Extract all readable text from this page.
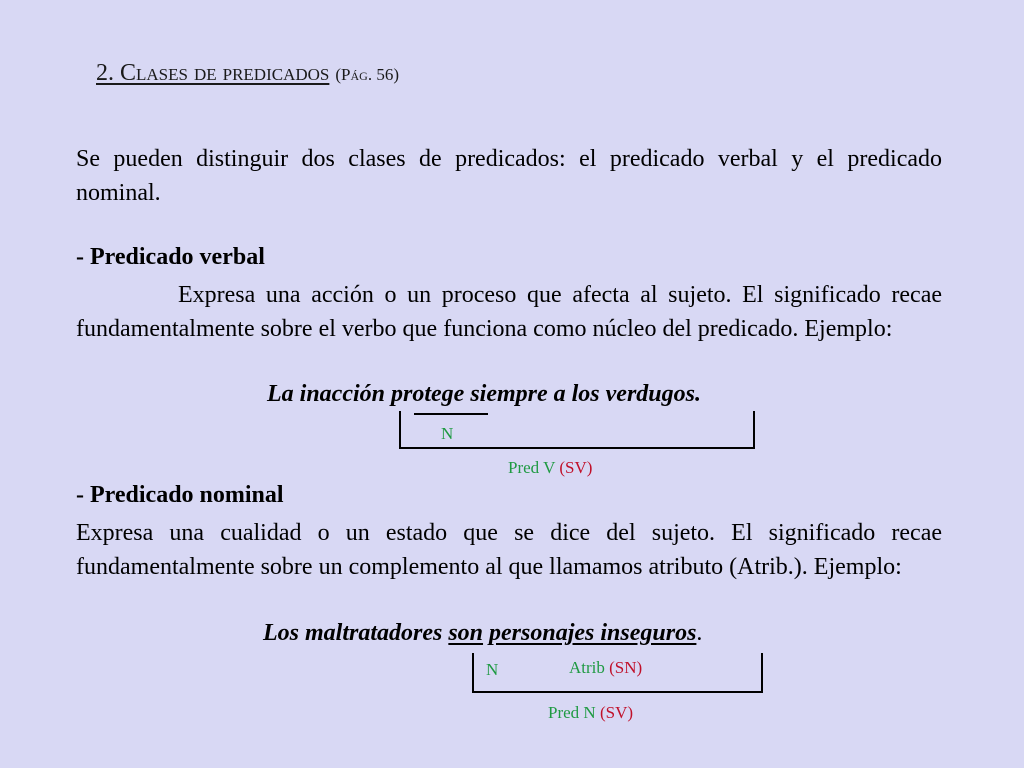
2. Clases de predicados (Pág. 56)
Se pueden distinguir dos clases de predicados: el predicado verbal y el predicado nominal.
- Predicado verbal
Expresa una acción o un proceso que afecta al sujeto. El significado recae fundamentalmente sobre el verbo que funciona como núcleo del predicado. Ejemplo:
La inacción protege siempre a los verdugos.
N
Pred V (SV)
- Predicado nominal
Expresa una cualidad o un estado que se dice del sujeto. El significado recae fundamentalmente sobre un complemento al que llamamos atributo (Atrib.). Ejemplo:
Los maltratadores son personajes inseguros.
N	Atrib (SN)
Pred N (SV)
